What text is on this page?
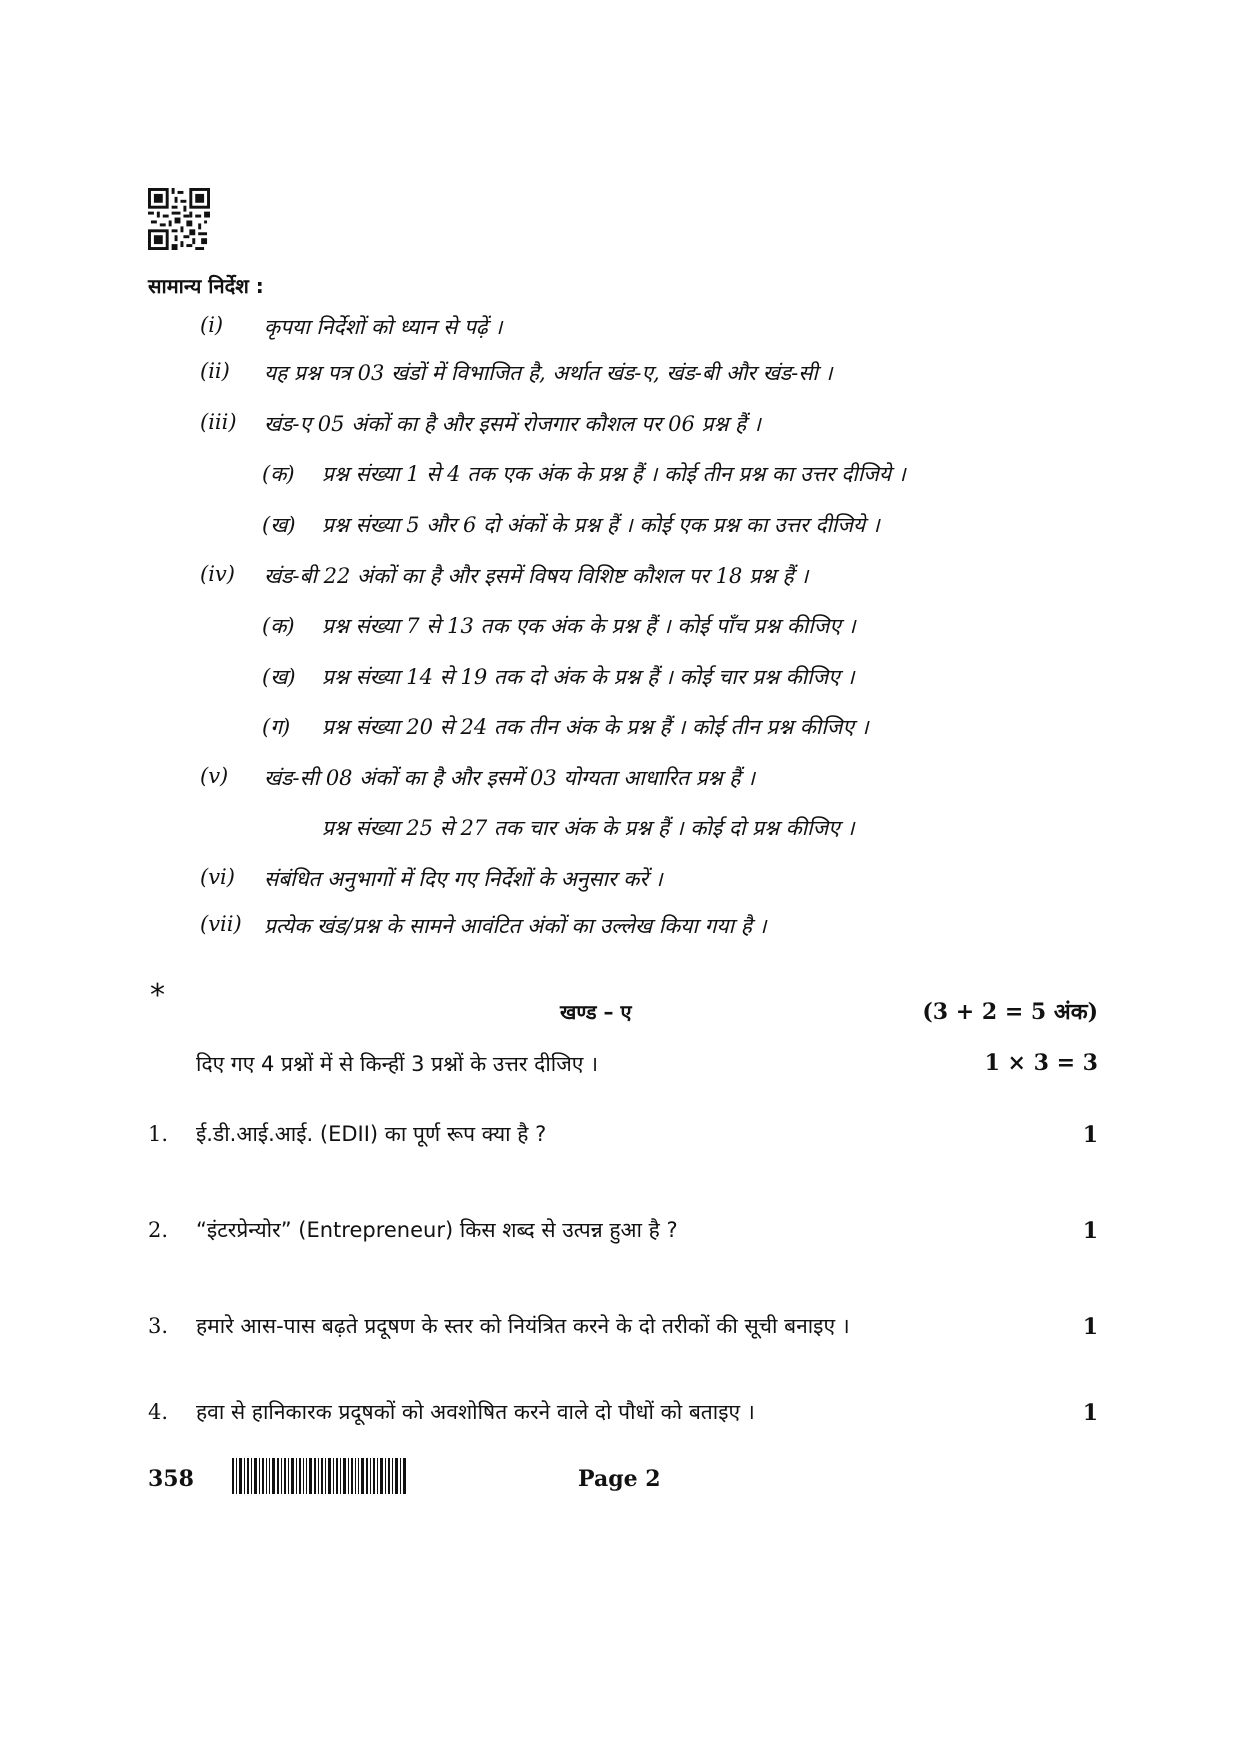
सामान्य निर्देश :
(i) कृपया निर्देशों को ध्यान से पढ़ें ।
(ii) यह प्रश्न पत्र 03 खंडों में विभाजित है, अर्थात खंड-ए, खंड-बी और खंड-सी ।
(iii) खंड-ए 05 अंकों का है और इसमें रोजगार कौशल पर 06 प्रश्न हैं ।
(क) प्रश्न संख्या 1 से 4 तक एक अंक के प्रश्न हैं । कोई तीन प्रश्न का उत्तर दीजिये ।
(ख) प्रश्न संख्या 5 और 6 दो अंकों के प्रश्न हैं । कोई एक प्रश्न का उत्तर दीजिये ।
(iv) खंड-बी 22 अंकों का है और इसमें विषय विशिष्ट कौशल पर 18 प्रश्न हैं ।
(क) प्रश्न संख्या 7 से 13 तक एक अंक के प्रश्न हैं । कोई पाँच प्रश्न कीजिए ।
(ख) प्रश्न संख्या 14 से 19 तक दो अंक के प्रश्न हैं । कोई चार प्रश्न कीजिए ।
(ग) प्रश्न संख्या 20 से 24 तक तीन अंक के प्रश्न हैं । कोई तीन प्रश्न कीजिए ।
(v) खंड-सी 08 अंकों का है और इसमें 03 योग्यता आधारित प्रश्न हैं ।
प्रश्न संख्या 25 से 27 तक चार अंक के प्रश्न हैं । कोई दो प्रश्न कीजिए ।
(vi) संबंधित अनुभागों में दिए गए निर्देशों के अनुसार करें ।
(vii) प्रत्येक खंड/प्रश्न के सामने आवंटित अंकों का उल्लेख किया गया है ।
*	खण्ड – ए	(3 + 2 = 5 अंक)
दिए गए 4 प्रश्नों में से किन्हीं 3 प्रश्नों के उत्तर दीजिए ।	1 × 3 = 3
1. ई.डी.आई.आई. (EDII) का पूर्ण रूप क्या है ?	1
2. “इंटरप्रेन्योर” (Entrepreneur) किस शब्द से उत्पन्न हुआ है ?	1
3. हमारे आस-पास बढ़ते प्रदूषण के स्तर को नियंत्रित करने के दो तरीकों की सूची बनाइए ।	1
4. हवा से हानिकारक प्रदूषकों को अवशोषित करने वाले दो पौधों को बताइए ।	1
358	Page 2
